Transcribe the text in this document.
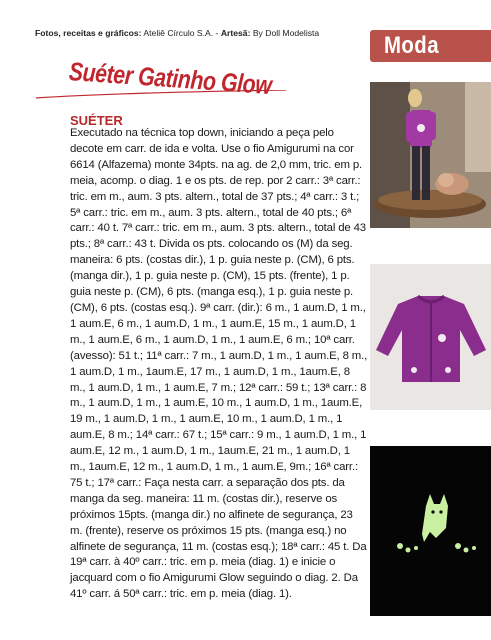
Fotos, receitas e gráficos: Ateliê Círculo S.A. - Artesã: By Doll Modelista	Moda
Suéter Gatinho Glow
SUÉTER
Executado na técnica top down, iniciando a peça pelo decote em carr. de ida e volta. Use o fio Amigurumi na cor 6614 (Alfazema) monte 34pts. na ag. de 2,0 mm, tric. em p. meia, acomp. o diag. 1 e os pts. de rep. por 2 carr.: 3ª carr.: tric. em m., aum. 3 pts. altern., total de 37 pts.; 4ª carr.: 3 t.; 5ª carr.: tric. em m., aum. 3 pts. altern., total de 40 pts.; 6ª carr.: 40 t. 7ª carr.: tric. em m., aum. 3 pts. altern., total de 43 pts.; 8ª carr.: 43 t. Divida os pts. colocando os (M) da seg. maneira: 6 pts. (costas dir.), 1 p. guia neste p. (CM), 6 pts. (manga dir.), 1 p. guia neste p. (CM), 15 pts. (frente), 1 p. guia neste p. (CM), 6 pts. (manga esq.), 1 p. guia neste p. (CM), 6 pts. (costas esq.). 9ª carr. (dir.): 6 m., 1 aum.D, 1 m., 1 aum.E, 6 m., 1 aum.D, 1 m., 1 aum.E, 15 m., 1 aum.D, 1 m., 1 aum.E, 6 m., 1 aum.D, 1 m., 1 aum.E, 6 m.; 10ª carr. (avesso): 51 t.; 11ª carr.: 7 m., 1 aum.D, 1 m., 1 aum.E, 8 m., 1 aum.D, 1 m., 1aum.E, 17 m., 1 aum.D, 1 m., 1aum.E, 8 m., 1 aum.D, 1 m., 1 aum.E, 7 m.; 12ª carr.: 59 t.; 13ª carr.: 8 m., 1 aum.D, 1 m., 1 aum.E, 10 m., 1 aum.D, 1 m., 1aum.E, 19 m., 1 aum.D, 1 m., 1 aum.E, 10 m., 1 aum.D, 1 m., 1 aum.E, 8 m.; 14ª carr.: 67 t.; 15ª carr.: 9 m., 1 aum.D, 1 m., 1 aum.E, 12 m., 1 aum.D, 1 m., 1aum.E, 21 m., 1 aum.D, 1 m., 1aum.E, 12 m., 1 aum.D, 1 m., 1 aum.E, 9m.; 16ª carr.: 75 t.; 17ª carr.: Faça nesta carr. a separação dos pts. da manga da seg. maneira: 11 m. (costas dir.), reserve os próximos 15pts. (manga dir.) no alfinete de segurança, 23 m. (frente), reserve os próximos 15 pts. (manga esq.) no alfinete de segurança, 11 m. (costas esq.); 18ª carr.: 45 t. Da 19ª carr. à 40º carr.: tric. em p. meia (diag. 1) e inicie o jacquard com o fio Amigurumi Glow seguindo o diag. 2. Da 41º carr. á 50ª carr.: tric. em p. meia (diag. 1).
